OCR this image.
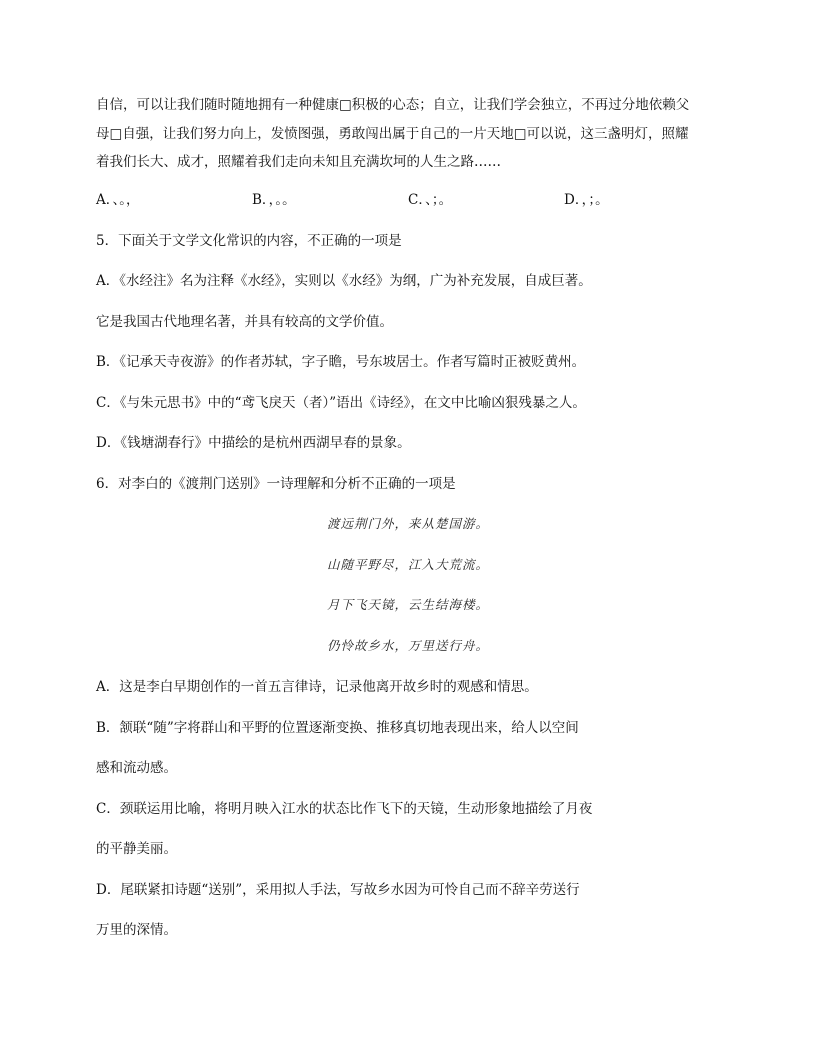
自信，可以让我们随时随地拥有一种健康□积极的心态；自立，让我们学会独立，不再过分地依赖父
母□自强，让我们努力向上，发愤图强，勇敢闯出属于自己的一片天地□可以说，这三盏明灯，照耀
着我们长大、成才，照耀着我们走向未知且充满坎坷的人生之路……
A．、。，	B．，。。	C．、；。	D．，；。
5．下面关于文学文化常识的内容，不正确的一项是
A．《水经注》名为注释《水经》，实则以《水经》为纲，广为补充发展，自成巨著。
它是我国古代地理名著，并具有较高的文学价值。
B．《记承天寺夜游》的作者苏轼，字子瞻，号东坡居士。作者写篇时正被贬黄州。
C．《与朱元思书》中的“鸢飞戾天（者）”语出《诗经》，在文中比喻凶狠残暴之人。
D．《钱塘湖春行》中描绘的是杭州西湖早春的景象。
6．对李白的《渡荆门送别》一诗理解和分析不正确的一项是
渡远荆门外，来从楚国游。
山随平野尽，江入大荒流。
月下飞天镜，云生结海楼。
仍怜故乡水，万里送行舟。
A．这是李白早期创作的一首五言律诗，记录他离开故乡时的观感和情思。
B．颔联“随”字将群山和平野的位置逐渐变换、推移真切地表现出来，给人以空间
感和流动感。
C．颈联运用比喻，将明月映入江水的状态比作飞下的天镜，生动形象地描绘了月夜
的平静美丽。
D．尾联紧扣诗题“送别”，采用拟人手法，写故乡水因为可怜自己而不辞辛劳送行
万里的深情。
